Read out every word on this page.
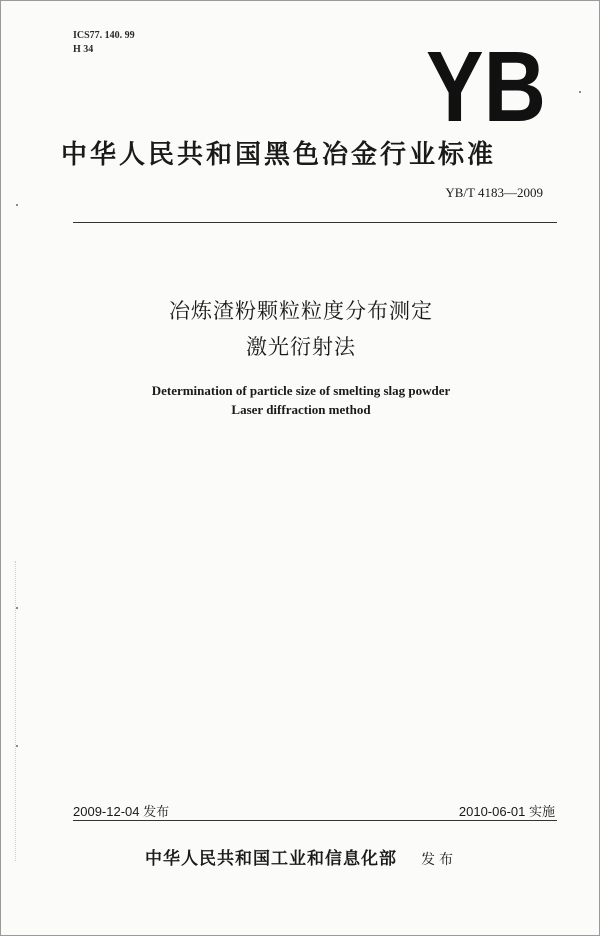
ICS77. 140. 99
H 34	YB
中华人民共和国黑色冶金行业标准
YB/T 4183—2009
冶炼渣粉颗粒粒度分布测定
激光衍射法
Determination of particle size of smelting slag powder
Laser diffraction method
2009-12-04 发布	2010-06-01 实施
中华人民共和国工业和信息化部 发布
